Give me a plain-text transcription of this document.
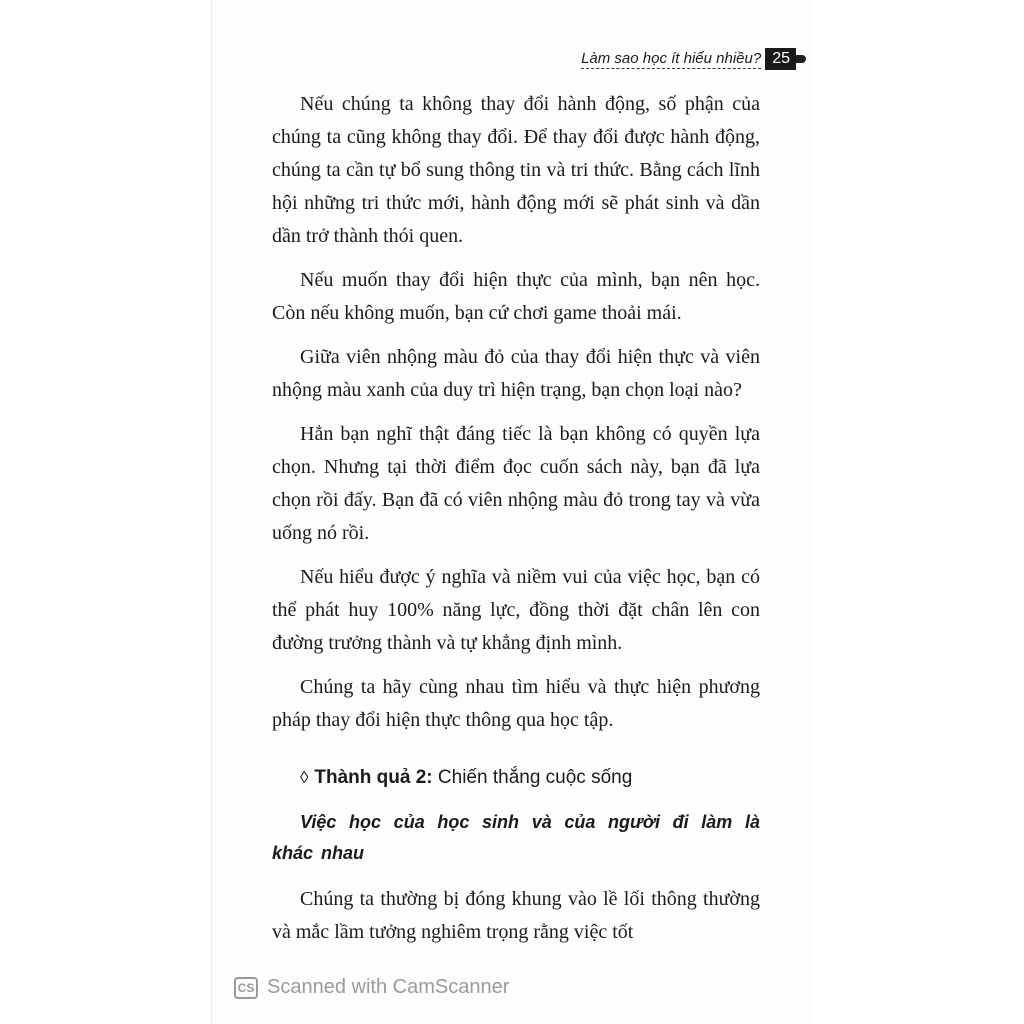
Làm sao học ít hiểu nhiều? 25

Nếu chúng ta không thay đổi hành động, số phận của chúng ta cũng không thay đổi. Để thay đổi được hành động, chúng ta cần tự bổ sung thông tin và tri thức. Bằng cách lĩnh hội những tri thức mới, hành động mới sẽ phát sinh và dần dần trở thành thói quen.

Nếu muốn thay đổi hiện thực của mình, bạn nên học. Còn nếu không muốn, bạn cứ chơi game thoải mái.

Giữa viên nhộng màu đỏ của thay đổi hiện thực và viên nhộng màu xanh của duy trì hiện trạng, bạn chọn loại nào?

Hẳn bạn nghĩ thật đáng tiếc là bạn không có quyền lựa chọn. Nhưng tại thời điểm đọc cuốn sách này, bạn đã lựa chọn rồi đấy. Bạn đã có viên nhộng màu đỏ trong tay và vừa uống nó rồi.

Nếu hiểu được ý nghĩa và niềm vui của việc học, bạn có thể phát huy 100% năng lực, đồng thời đặt chân lên con đường trưởng thành và tự khẳng định mình.

Chúng ta hãy cùng nhau tìm hiểu và thực hiện phương pháp thay đổi hiện thực thông qua học tập.

◊ Thành quả 2: Chiến thắng cuộc sống

Việc học của học sinh và của người đi làm là khác nhau

Chúng ta thường bị đóng khung vào lề lối thông thường và mắc lầm tưởng nghiêm trọng rằng việc tốt

CS Scanned with CamScanner
